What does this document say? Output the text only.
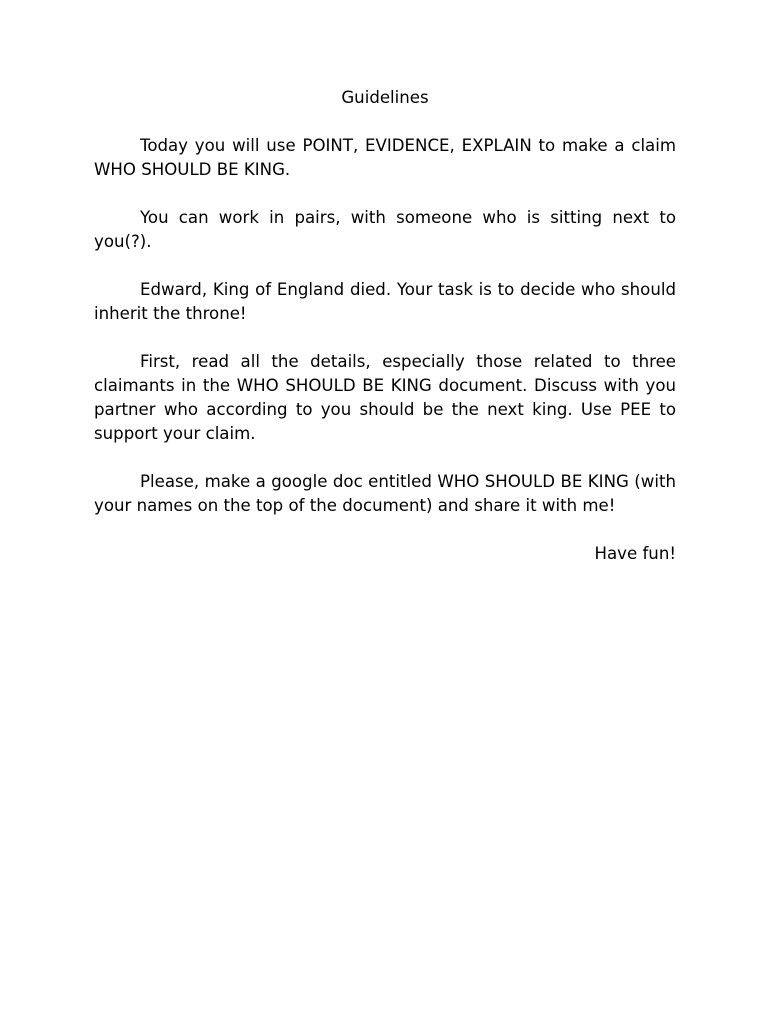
Guidelines

Today you will use POINT, EVIDENCE, EXPLAIN to make a claim WHO SHOULD BE KING.

You can work in pairs, with someone who is sitting next to you(?).

Edward, King of England died. Your task is to decide who should inherit the throne!

First, read all the details, especially those related to three claimants in the WHO SHOULD BE KING document. Discuss with you partner who according to you should be the next king. Use PEE to support your claim.

Please, make a google doc entitled WHO SHOULD BE KING (with your names on the top of the document) and share it with me!

Have fun!
